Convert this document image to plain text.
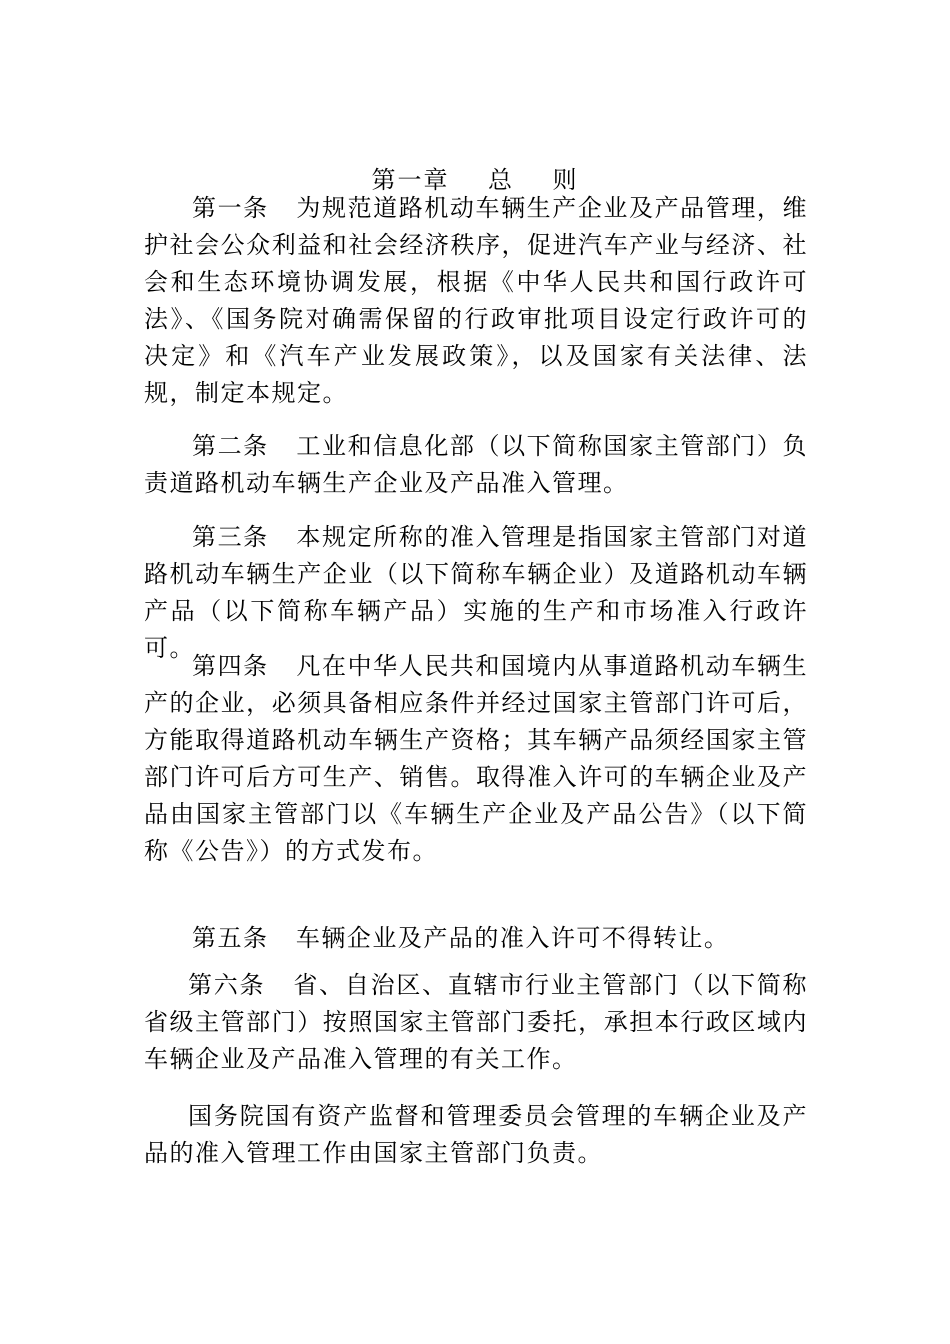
第一章    总    则

第一条   为规范道路机动车辆生产企业及产品管理，维护社会公众利益和社会经济秩序，促进汽车产业与经济、社会和生态环境协调发展，根据《中华人民共和国行政许可法》、《国务院对确需保留的行政审批项目设定行政许可的决定》和《汽车产业发展政策》，以及国家有关法律、法规，制定本规定。

第二条   工业和信息化部（以下简称国家主管部门）负责道路机动车辆生产企业及产品准入管理。

第三条   本规定所称的准入管理是指国家主管部门对道路机动车辆生产企业（以下简称车辆企业）及道路机动车辆产品（以下简称车辆产品）实施的生产和市场准入行政许可。

第四条   凡在中华人民共和国境内从事道路机动车辆生产的企业，必须具备相应条件并经过国家主管部门许可后，方能取得道路机动车辆生产资格；其车辆产品须经国家主管部门许可后方可生产、销售。取得准入许可的车辆企业及产品由国家主管部门以《车辆生产企业及产品公告》（以下简称《公告》）的方式发布。

第五条   车辆企业及产品的准入许可不得转让。

第六条   省、自治区、直辖市行业主管部门（以下简称省级主管部门）按照国家主管部门委托，承担本行政区域内车辆企业及产品准入管理的有关工作。

国务院国有资产监督和管理委员会管理的车辆企业及产品的准入管理工作由国家主管部门负责。
